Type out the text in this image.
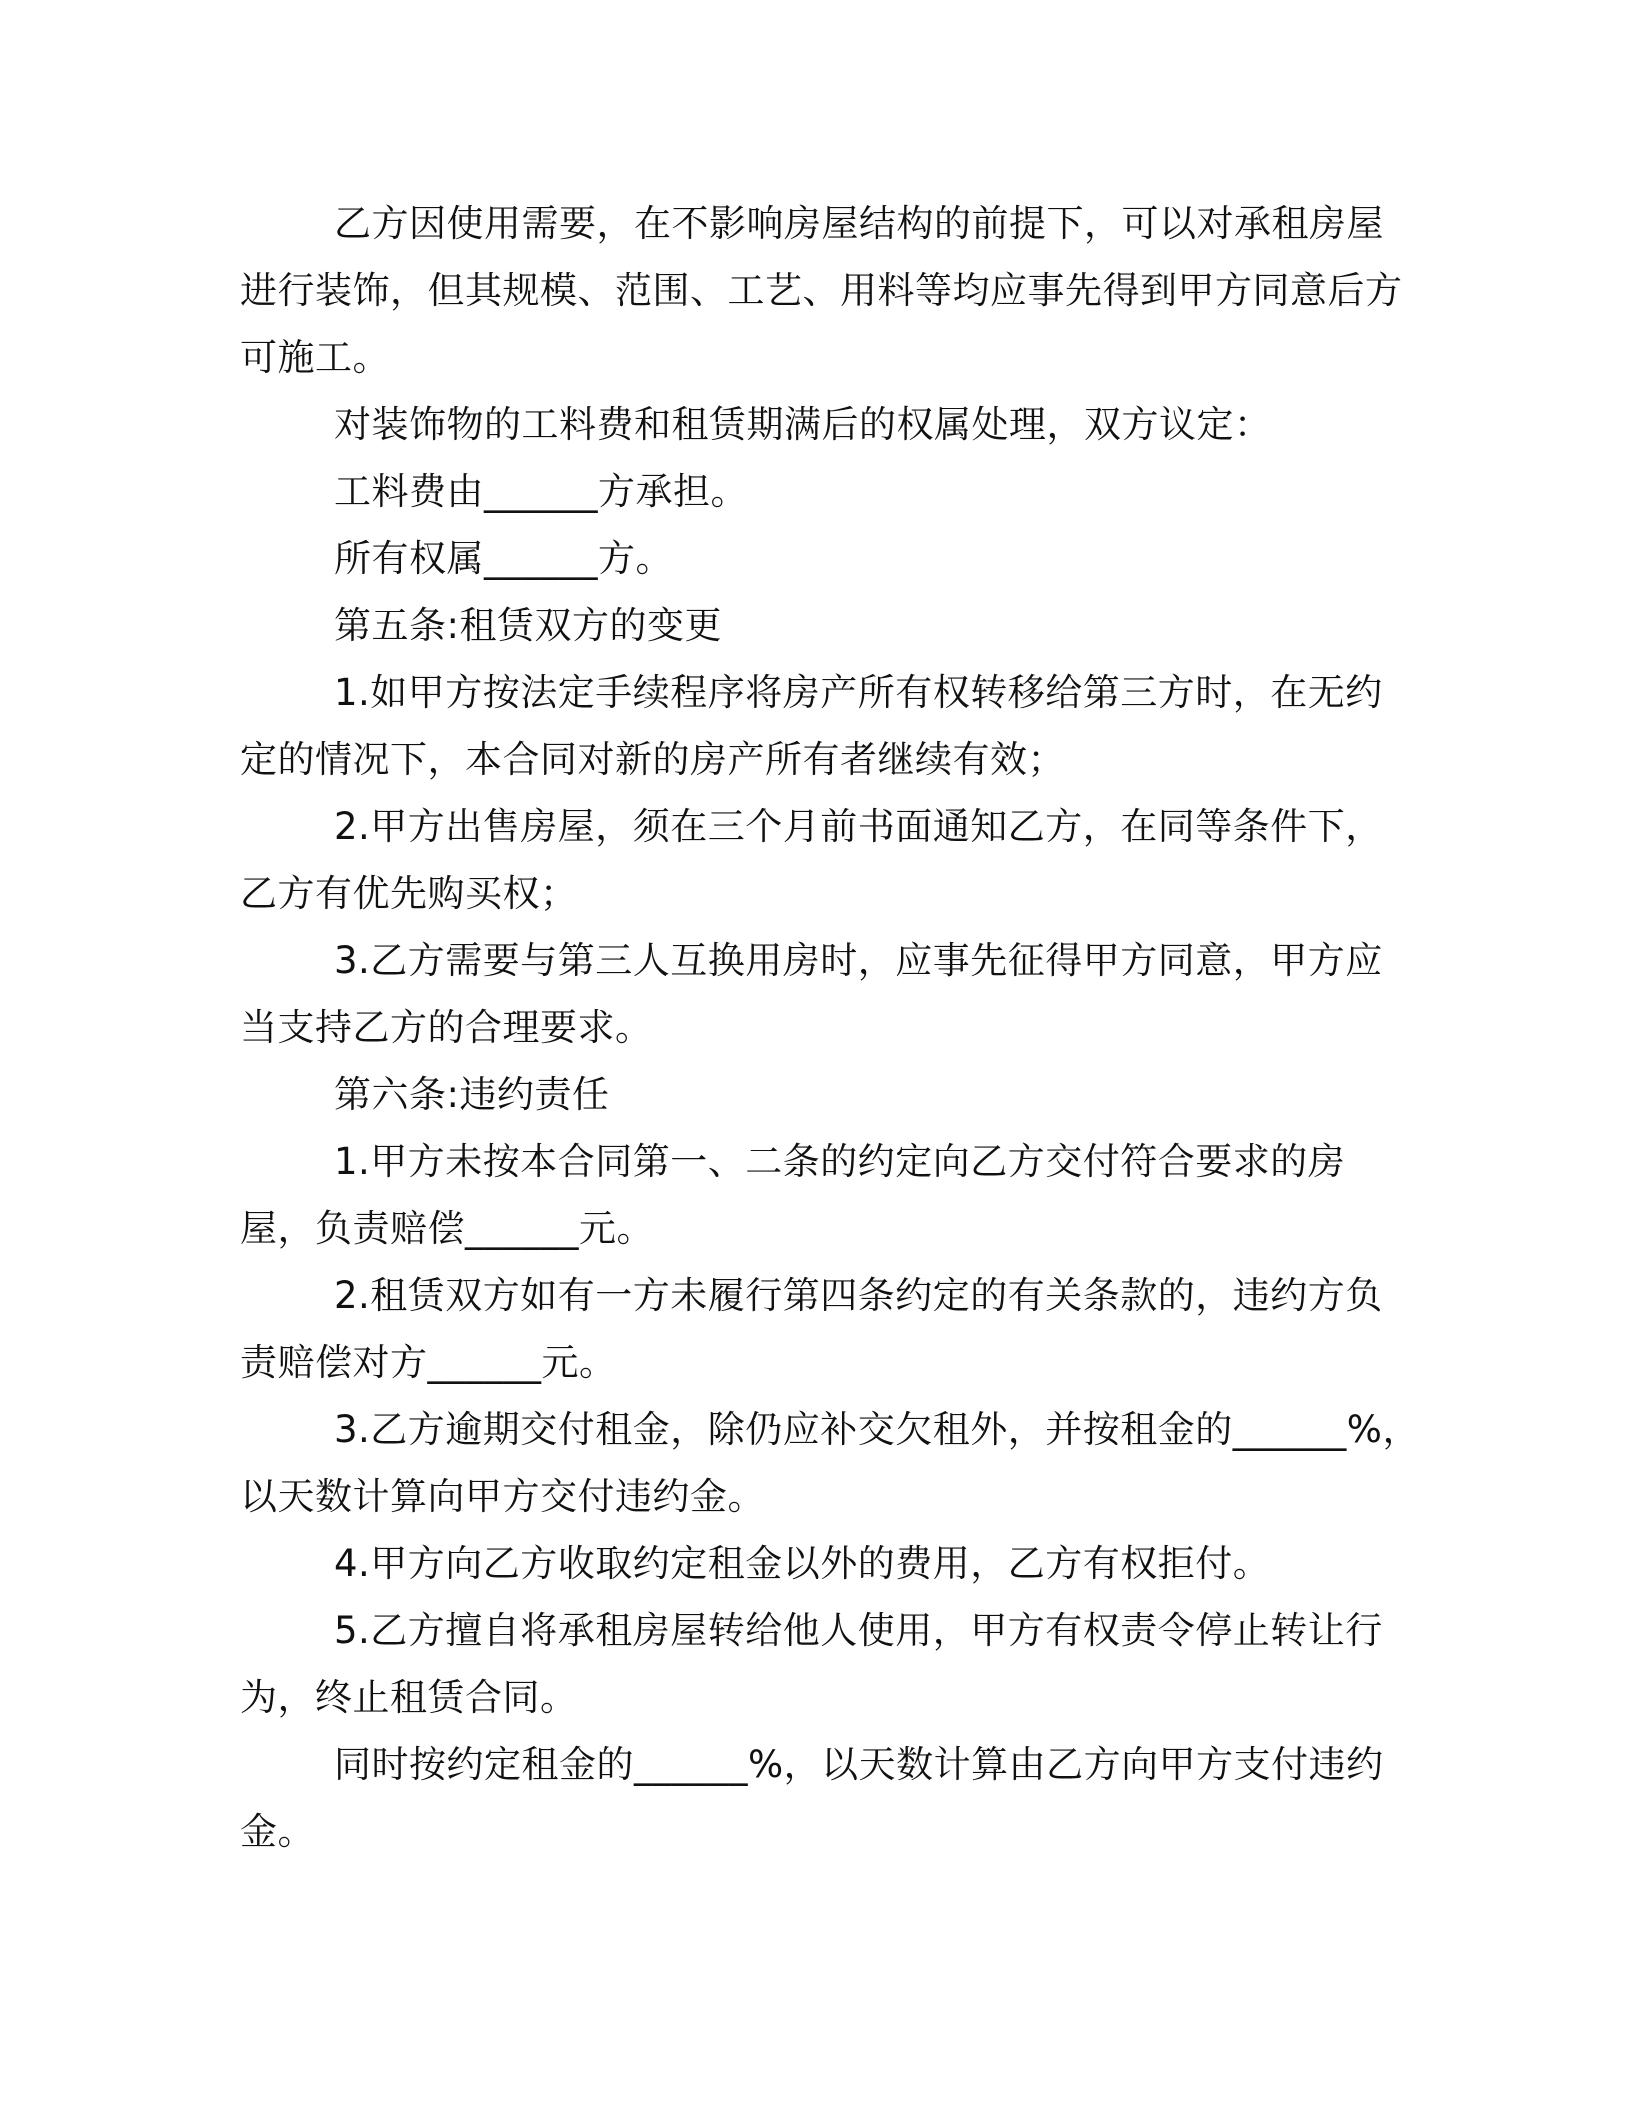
乙方因使用需要，在不影响房屋结构的前提下，可以对承租房屋进行装饰，但其规模、范围、工艺、用料等均应事先得到甲方同意后方可施工。

对装饰物的工料费和租赁期满后的权属处理，双方议定：

工料费由______方承担。

所有权属______方。

第五条:租赁双方的变更

1.如甲方按法定手续程序将房产所有权转移给第三方时，在无约定的情况下，本合同对新的房产所有者继续有效；

2.甲方出售房屋，须在三个月前书面通知乙方，在同等条件下，乙方有优先购买权；

3.乙方需要与第三人互换用房时，应事先征得甲方同意，甲方应当支持乙方的合理要求。

第六条:违约责任

1.甲方未按本合同第一、二条的约定向乙方交付符合要求的房屋，负责赔偿______元。

2.租赁双方如有一方未履行第四条约定的有关条款的，违约方负责赔偿对方______元。

3.乙方逾期交付租金，除仍应补交欠租外，并按租金的______%，以天数计算向甲方交付违约金。

4.甲方向乙方收取约定租金以外的费用，乙方有权拒付。

5.乙方擅自将承租房屋转给他人使用，甲方有权责令停止转让行为，终止租赁合同。

同时按约定租金的______%，以天数计算由乙方向甲方支付违约金。
